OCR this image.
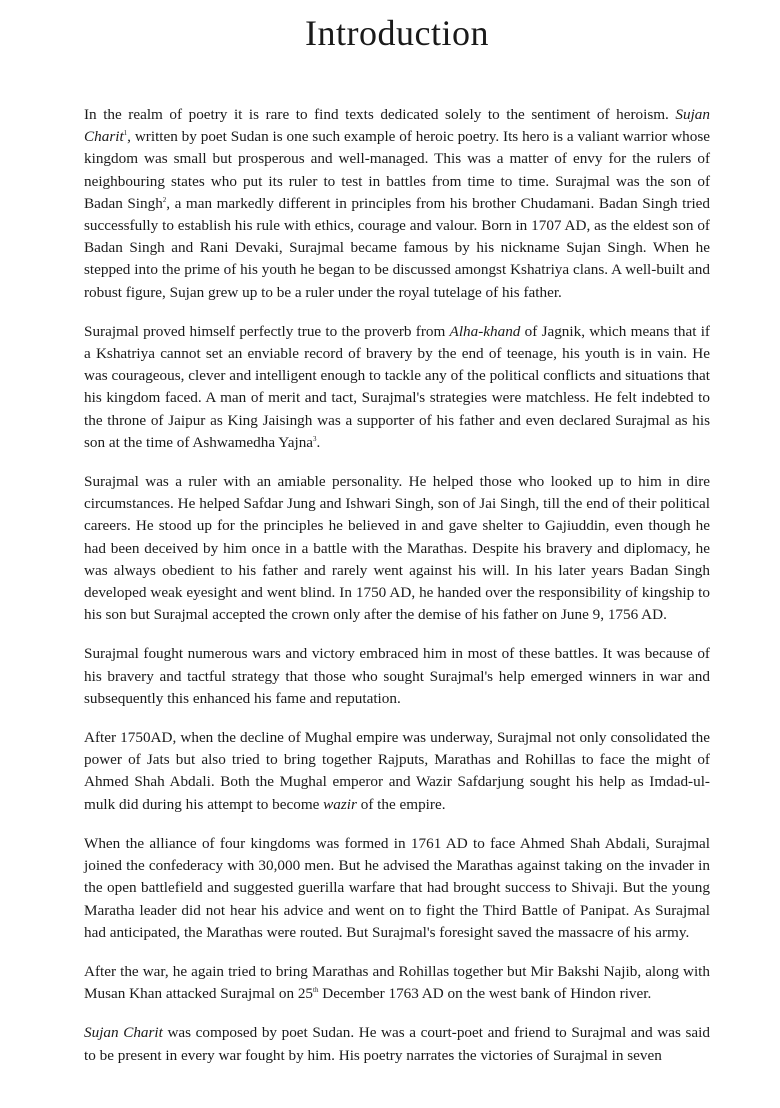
Introduction

In the realm of poetry it is rare to find texts dedicated solely to the sentiment of heroism. Sujan Charit$^1$, written by poet Sudan is one such example of heroic poetry. Its hero is a valiant warrior whose kingdom was small but prosperous and well-managed. This was a matter of envy for the rulers of neighbouring states who put its ruler to test in battles from time to time. Surajmal was the son of Badan Singh$^2$, a man markedly different in principles from his brother Chudamani. Badan Singh tried successfully to establish his rule with ethics, courage and valour. Born in 1707 AD, as the eldest son of Badan Singh and Rani Devaki, Surajmal became famous by his nickname Sujan Singh. When he stepped into the prime of his youth he began to be discussed amongst Kshatriya clans. A well-built and robust figure, Sujan grew up to be a ruler under the royal tutelage of his father.

Surajmal proved himself perfectly true to the proverb from Alha-khand of Jagnik, which means that if a Kshatriya cannot set an enviable record of bravery by the end of teenage, his youth is in vain. He was courageous, clever and intelligent enough to tackle any of the political conflicts and situations that his kingdom faced. A man of merit and tact, Surajmal's strategies were matchless. He felt indebted to the throne of Jaipur as King Jaisingh was a supporter of his father and even declared Surajmal as his son at the time of Ashwamedha Yajna$^3$.

Surajmal was a ruler with an amiable personality. He helped those who looked up to him in dire circumstances. He helped Safdar Jung and Ishwari Singh, son of Jai Singh, till the end of their political careers. He stood up for the principles he believed in and gave shelter to Gajiuddin, even though he had been deceived by him once in a battle with the Marathas. Despite his bravery and diplomacy, he was always obedient to his father and rarely went against his will. In his later years Badan Singh developed weak eyesight and went blind. In 1750 AD, he handed over the responsibility of kingship to his son but Surajmal accepted the crown only after the demise of his father on June 9, 1756 AD.

Surajmal fought numerous wars and victory embraced him in most of these battles. It was because of his bravery and tactful strategy that those who sought Surajmal's help emerged winners in war and subsequently this enhanced his fame and reputation.

After 1750AD, when the decline of Mughal empire was underway, Surajmal not only consolidated the power of Jats but also tried to bring together Rajputs, Marathas and Rohillas to face the might of Ahmed Shah Abdali. Both the Mughal emperor and Wazir Safdarjung sought his help as Imdad-ul-mulk did during his attempt to become wazir of the empire.

When the alliance of four kingdoms was formed in 1761 AD to face Ahmed Shah Abdali, Surajmal joined the confederacy with 30,000 men. But he advised the Marathas against taking on the invader in the open battlefield and suggested guerilla warfare that had brought success to Shivaji. But the young Maratha leader did not hear his advice and went on to fight the Third Battle of Panipat. As Surajmal had anticipated, the Marathas were routed. But Surajmal's foresight saved the massacre of his army.

After the war, he again tried to bring Marathas and Rohillas together but Mir Bakshi Najib, along with Musan Khan attacked Surajmal on 25th December 1763 AD on the west bank of Hindon river.

Sujan Charit was composed by poet Sudan. He was a court-poet and friend to Surajmal and was said to be present in every war fought by him. His poetry narrates the victories of Surajmal in seven
